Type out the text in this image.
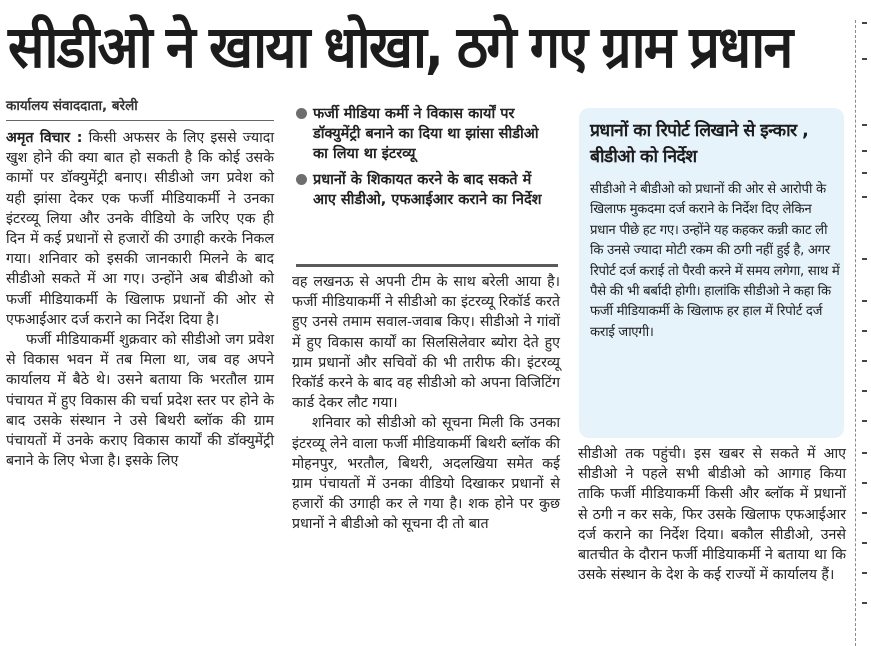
सीडीओ ने खाया धोखा, ठगे गए ग्राम प्रधान
कार्यालय संवाददाता, बरेली

अमृत विचार : किसी अफसर के लिए इससे ज्यादा खुश होने की क्या बात हो सकती है कि कोई उसके कामों पर डॉक्युमेंट्री बनाए। सीडीओ जग प्रवेश को यही झांसा देकर एक फर्जी मीडियाकर्मी ने उनका इंटरव्यू लिया और उनके वीडियो के जरिए एक ही दिन में कई प्रधानों से हजारों की उगाही करके निकल गया। शनिवार को इसकी जानकारी मिलने के बाद सीडीओ सकते में आ गए। उन्होंने अब बीडीओ को फर्जी मीडियाकर्मी के खिलाफ प्रधानों की ओर से एफआईआर दर्ज कराने का निर्देश दिया है।

फर्जी मीडियाकर्मी शुक्रवार को सीडीओ जग प्रवेश से विकास भवन में तब मिला था, जब वह अपने कार्यालय में बैठे थे। उसने बताया कि भरतौल ग्राम पंचायत में हुए विकास की चर्चा प्रदेश स्तर पर होने के बाद उसके संस्थान ने उसे बिथरी ब्लॉक की ग्राम पंचायतों में उनके कराए विकास कार्यों की डॉक्युमेंट्री बनाने के लिए भेजा है। इसके लिए

फर्जी मीडिया कर्मी ने विकास कार्यों पर डॉक्युमेंट्री बनाने का दिया था झांसा सीडीओ का लिया था इंटरव्यू
प्रधानों के शिकायत करने के बाद सकते में आए सीडीओ, एफआईआर कराने का निर्देश

वह लखनऊ से अपनी टीम के साथ बरेली आया है। फर्जी मीडियाकर्मी ने सीडीओ का इंटरव्यू रिकॉर्ड करते हुए उनसे तमाम सवाल-जवाब किए। सीडीओ ने गांवों में हुए विकास कार्यों का सिलसिलेवार ब्योरा देते हुए ग्राम प्रधानों और सचिवों की भी तारीफ की। इंटरव्यू रिकॉर्ड करने के बाद वह सीडीओ को अपना विजिटिंग कार्ड देकर लौट गया।

शनिवार को सीडीओ को सूचना मिली कि उनका इंटरव्यू लेने वाला फर्जी मीडियाकर्मी बिथरी ब्लॉक की मोहनपुर, भरतौल, बिथरी, अदलखिया समेत कई ग्राम पंचायतों में उनका वीडियो दिखाकर प्रधानों से हजारों की उगाही कर ले गया है। शक होने पर कुछ प्रधानों ने बीडीओ को सूचना दी तो बात

प्रधानों का रिपोर्ट लिखाने से इन्कार , बीडीओ को निर्देश
सीडीओ ने बीडीओ को प्रधानों की ओर से आरोपी के खिलाफ मुकदमा दर्ज कराने के निर्देश दिए लेकिन प्रधान पीछे हट गए। उन्होंने यह कहकर कन्नी काट ली कि उनसे ज्यादा मोटी रकम की ठगी नहीं हुई है, अगर रिपोर्ट दर्ज कराई तो पैरवी करने में समय लगेगा, साथ में पैसे की भी बर्बादी होगी। हालांकि सीडीओ ने कहा कि फर्जी मीडियाकर्मी के खिलाफ हर हाल में रिपोर्ट दर्ज कराई जाएगी।

सीडीओ तक पहुंची। इस खबर से सकते में आए सीडीओ ने पहले सभी बीडीओ को आगाह किया ताकि फर्जी मीडियाकर्मी किसी और ब्लॉक में प्रधानों से ठगी न कर सके, फिर उसके खिलाफ एफआईआर दर्ज कराने का निर्देश दिया। बकौल सीडीओ, उनसे बातचीत के दौरान फर्जी मीडियाकर्मी ने बताया था कि उसके संस्थान के देश के कई राज्यों में कार्यालय हैं।
